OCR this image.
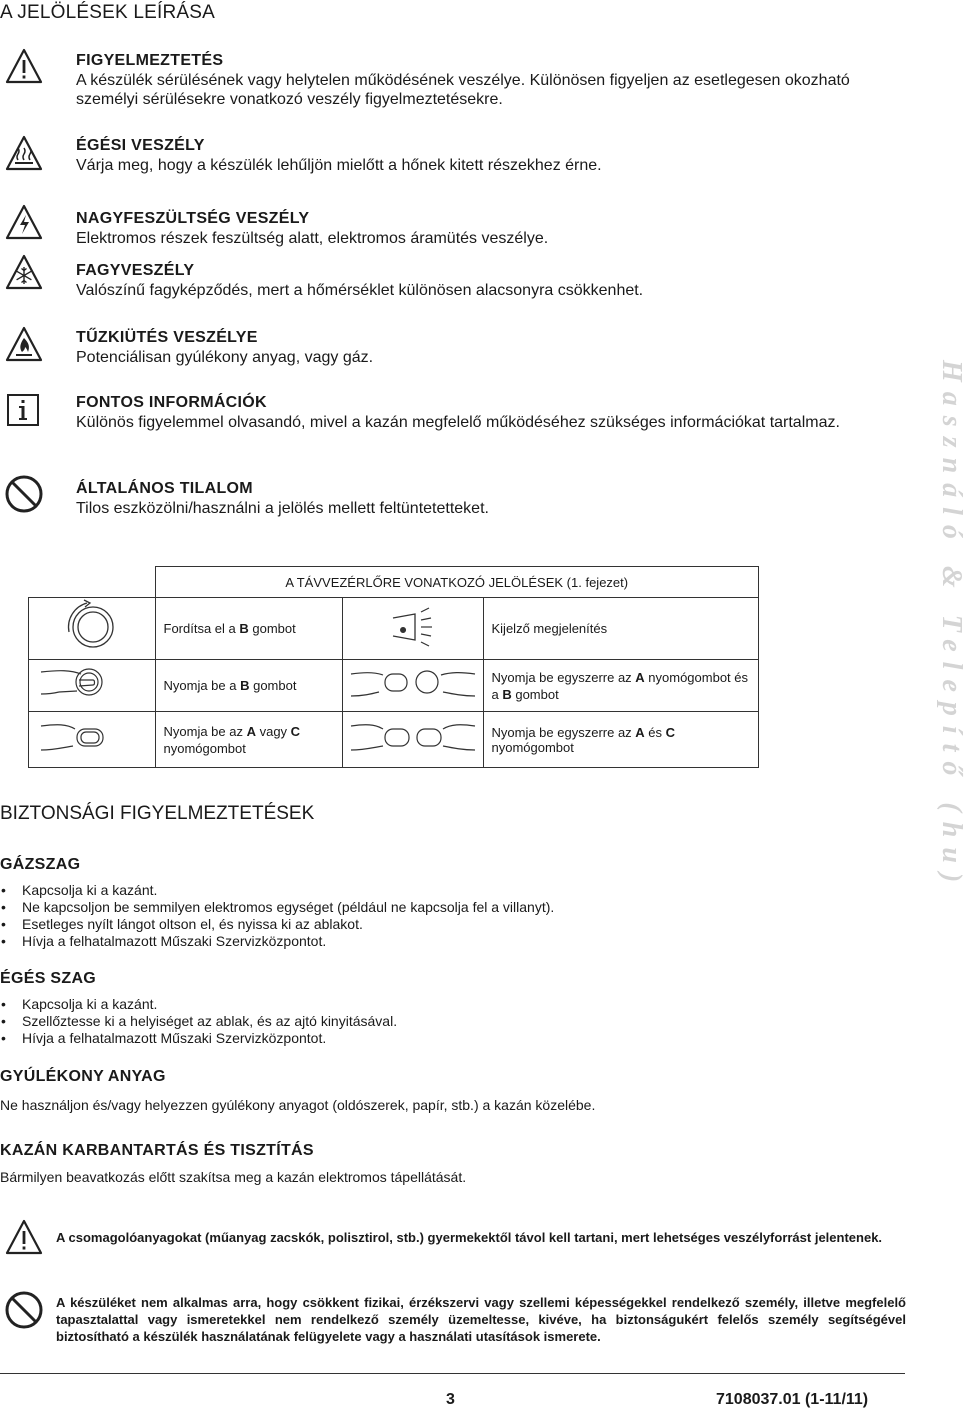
A JELÖLÉSEK LEÍRÁSA
FIGYELMEZTETÉS
A készülék sérülésének vagy helytelen működésének veszélye. Különösen figyeljen az esetlegesen okozható személyi sérülésekre vonatkozó veszély figyelmeztetésekre.
ÉGÉSI VESZÉLY
Várja meg, hogy a készülék lehűljön mielőtt a hőnek kitett részekhez érne.
NAGYFESZÜLTSÉG VESZÉLY
Elektromos részek feszültség alatt, elektromos áramütés veszélye.
FAGYVESZÉLY
Valószínű fagyképződés, mert a hőmérséklet különösen alacsonyra csökkenhet.
TŰZKIÜTÉS VESZÉLYE
Potenciálisan gyúlékony anyag, vagy gáz.
FONTOS INFORMÁCIÓK
Különös figyelemmel olvasandó, mivel a kazán megfelelő működéséhez szükséges információkat tartalmaz.
ÁLTALÁNOS TILALOM
Tilos eszközölni/használni a jelölés mellett feltüntetetteket.	Használó & Telepítő (hu)
	A TÁVVEZÉRLŐRE VONATKOZÓ JELÖLÉSEK (1. fejezet)		
	Fordítsa el a B gombot		Kijelző megjelenítés
	Nyomja be a B gombot		Nyomja be egyszerre az A nyomógombot és a B gombot
	Nyomja be az A vagy C nyomógombot		Nyomja be egyszerre az A és C nyomógombot
BIZTONSÁGI FIGYELMEZTETÉSEK
GÁZSZAG
• Kapcsolja ki a kazánt.
• Ne kapcsoljon be semmilyen elektromos egységet (például ne kapcsolja fel a villanyt).
• Esetleges nyílt lángot oltson el, és nyissa ki az ablakot.
• Hívja a felhatalmazott Műszaki Szervizközpontot.
ÉGÉS SZAG
• Kapcsolja ki a kazánt.
• Szellőztesse ki a helyiséget az ablak, és az ajtó kinyitásával.
• Hívja a felhatalmazott Műszaki Szervizközpontot.
GYÚLÉKONY ANYAG
Ne használjon és/vagy helyezzen gyúlékony anyagot (oldószerek, papír, stb.) a kazán közelébe.
KAZÁN KARBANTARTÁS ÉS TISZTÍTÁS
Bármilyen beavatkozás előtt szakítsa meg a kazán elektromos tápellátását.
A csomagolóanyagokat (műanyag zacskók, polisztirol, stb.) gyermekektől távol kell tartani, mert lehetséges veszélyforrást jelentenek.
A készüléket nem alkalmas arra, hogy csökkent fizikai, érzékszervi vagy szellemi képességekkel rendelkező személy, illetve megfelelő tapasztalattal vagy ismeretekkel nem rendelkező személy üzemeltesse, kivéve, ha biztonságukért felelős személy segítségével biztosítható a készülék használatának felügyelete vagy a használati utasítások ismerete.
3	7108037.01 (1-11/11)
